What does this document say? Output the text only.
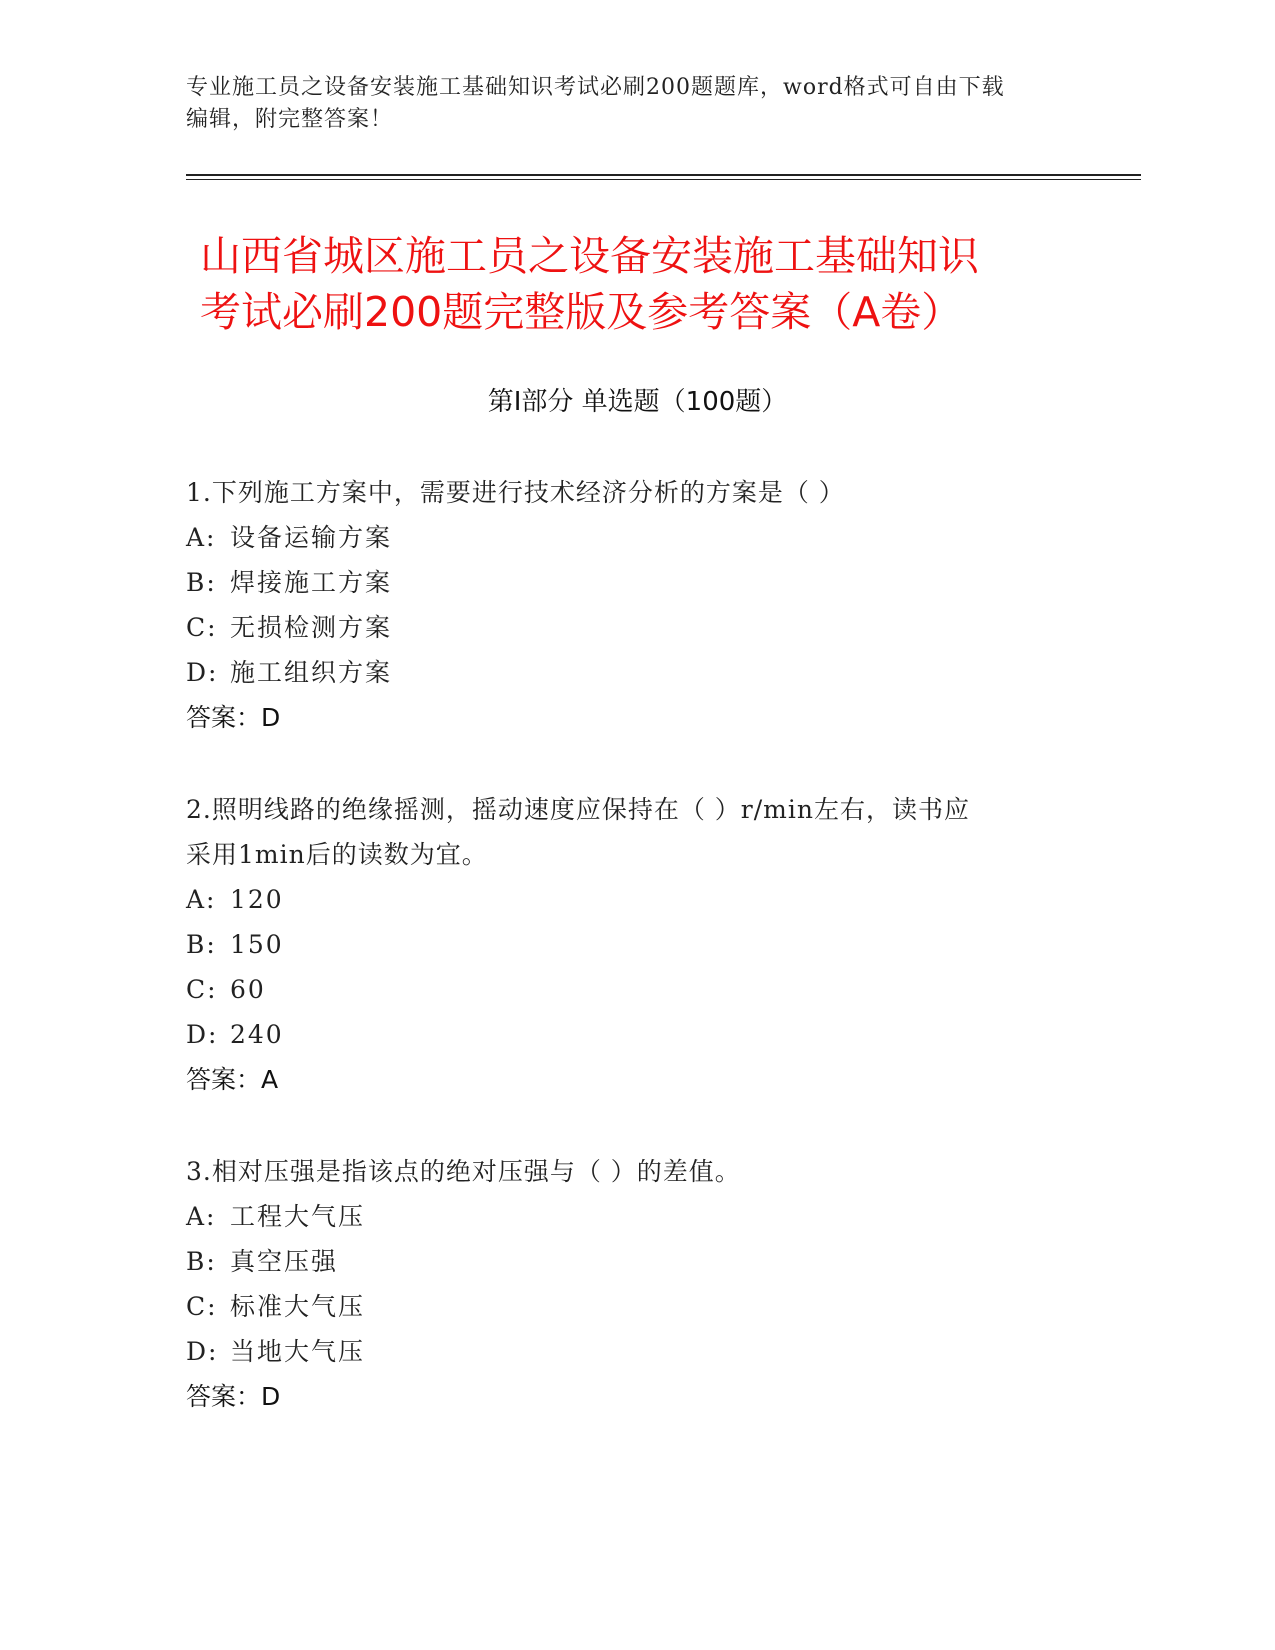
专业施工员之设备安装施工基础知识考试必刷200题题库，word格式可自由下载
编辑，附完整答案！
山西省城区施工员之设备安装施工基础知识
考试必刷200题完整版及参考答案（A卷）
第Ⅰ部分 单选题（100题）
1.下列施工方案中，需要进行技术经济分析的方案是（ ）
A: 设备运输方案
B: 焊接施工方案
C: 无损检测方案
D: 施工组织方案
答案：D
2.照明线路的绝缘摇测，摇动速度应保持在（ ）r/min左右，读书应
采用1min后的读数为宜。
A: 120
B: 150
C: 60
D: 240
答案：A
3.相对压强是指该点的绝对压强与（ ）的差值。
A: 工程大气压
B: 真空压强
C: 标准大气压
D: 当地大气压
答案：D
